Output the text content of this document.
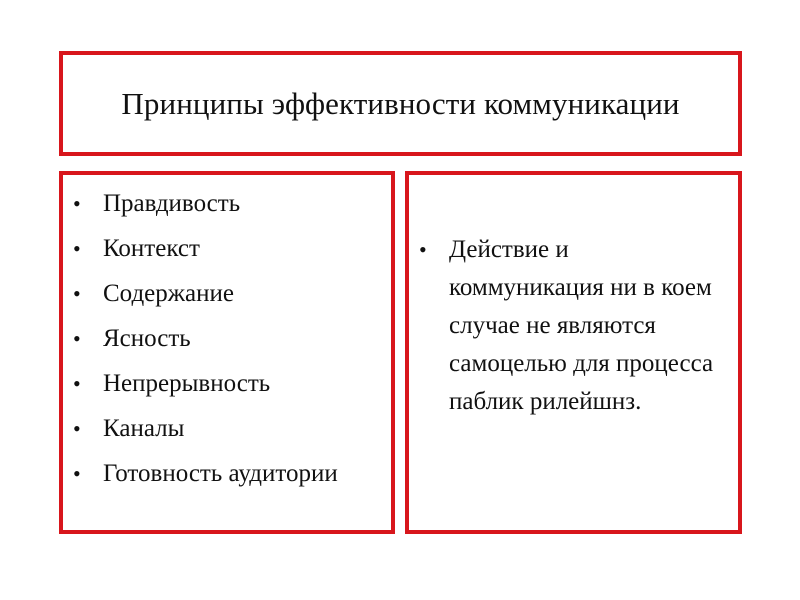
Принципы эффективности коммуникации
• Правдивость
• Контекст
• Содержание
• Ясность
• Непрерывность
• Каналы
• Готовность аудитории
• Действие и коммуникация ни в коем случае не являются самоцелью для процесса паблик рилейшнз.
